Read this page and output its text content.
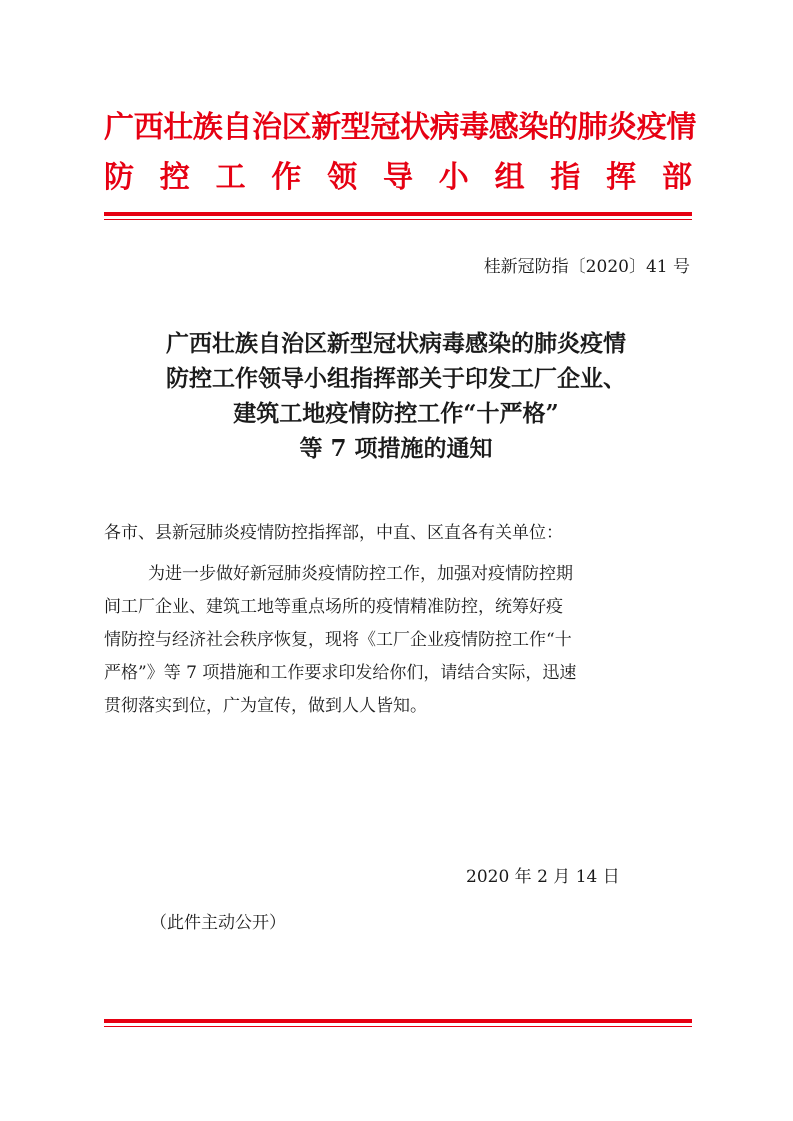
广西壮族自治区新型冠状病毒感染的肺炎疫情
防 控 工 作 领 导 小 组 指 挥 部
桂新冠防指〔2020〕41 号
广西壮族自治区新型冠状病毒感染的肺炎疫情
防控工作领导小组指挥部关于印发工厂企业、
建筑工地疫情防控工作“十严格”
等 7 项措施的通知
各市、县新冠肺炎疫情防控指挥部，中直、区直各有关单位：
为进一步做好新冠肺炎疫情防控工作，加强对疫情防控期
间工厂企业、建筑工地等重点场所的疫情精准防控，统筹好疫
情防控与经济社会秩序恢复，现将《工厂企业疫情防控工作“十
严格”》等 7 项措施和工作要求印发给你们，请结合实际，迅速
贯彻落实到位，广为宣传，做到人人皆知。
2020 年 2 月 14 日
（此件主动公开）
